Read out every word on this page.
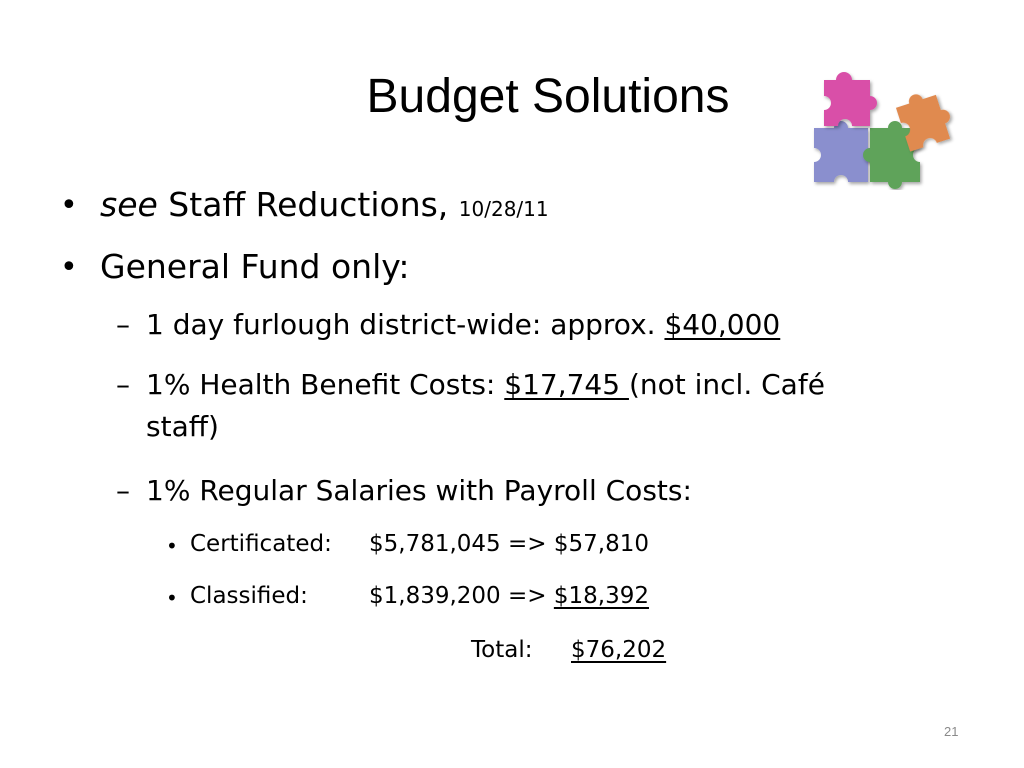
Budget Solutions
• see Staff Reductions, 10/28/11
• General Fund only:
– 1 day furlough district-wide: approx. $40,000
– 1% Health Benefit Costs: $17,745 (not incl. Café
staff)
– 1% Regular Salaries with Payroll Costs:
• Certificated: $5,781,045 => $57,810
• Classified:	$1,839,200 => $18,392
Total: $76,202
21
